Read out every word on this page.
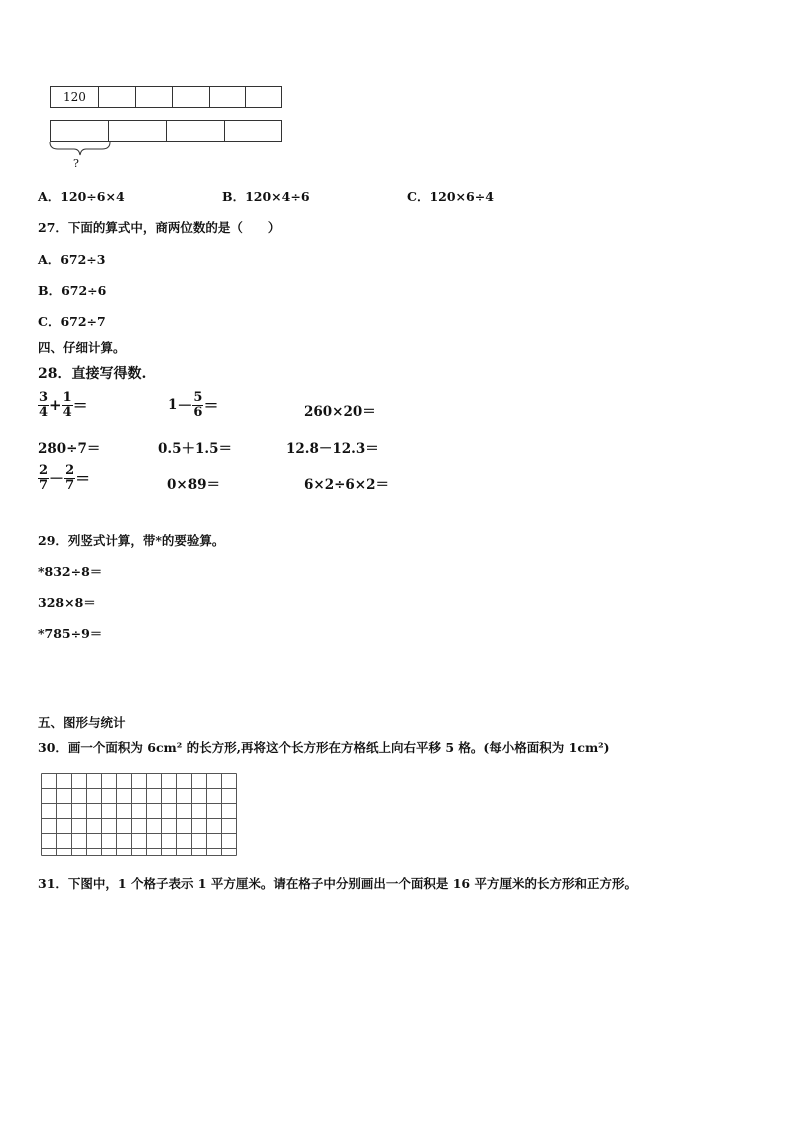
120
?
A．120÷6×4	B．120×4÷6	C．120×6÷4
27．下面的算式中，商两位数的是（　　）
A．672÷3
B．672÷6
C．672÷7
四、仔细计算。
28．直接写得数.
$\frac{3}{4} + \frac{1}{4}$ ＝	$1- \frac{5}{6}$ ＝	260×20＝
280÷7＝	0.5＋1.5＝	12.8－12.3＝
$\frac{2}{7} - \frac{2}{7}$ ＝	0×89＝	6×2÷6×2＝
29．列竖式计算，带*的要验算。
*832÷8＝
328×8＝
*785÷9＝
五、图形与统计
30．画一个面积为 6cm² 的长方形,再将这个长方形在方格纸上向右平移 5 格。(每小格面积为 1cm²)
31．下图中，1 个格子表示 1 平方厘米。请在格子中分别画出一个面积是 16 平方厘米的长方形和正方形。
